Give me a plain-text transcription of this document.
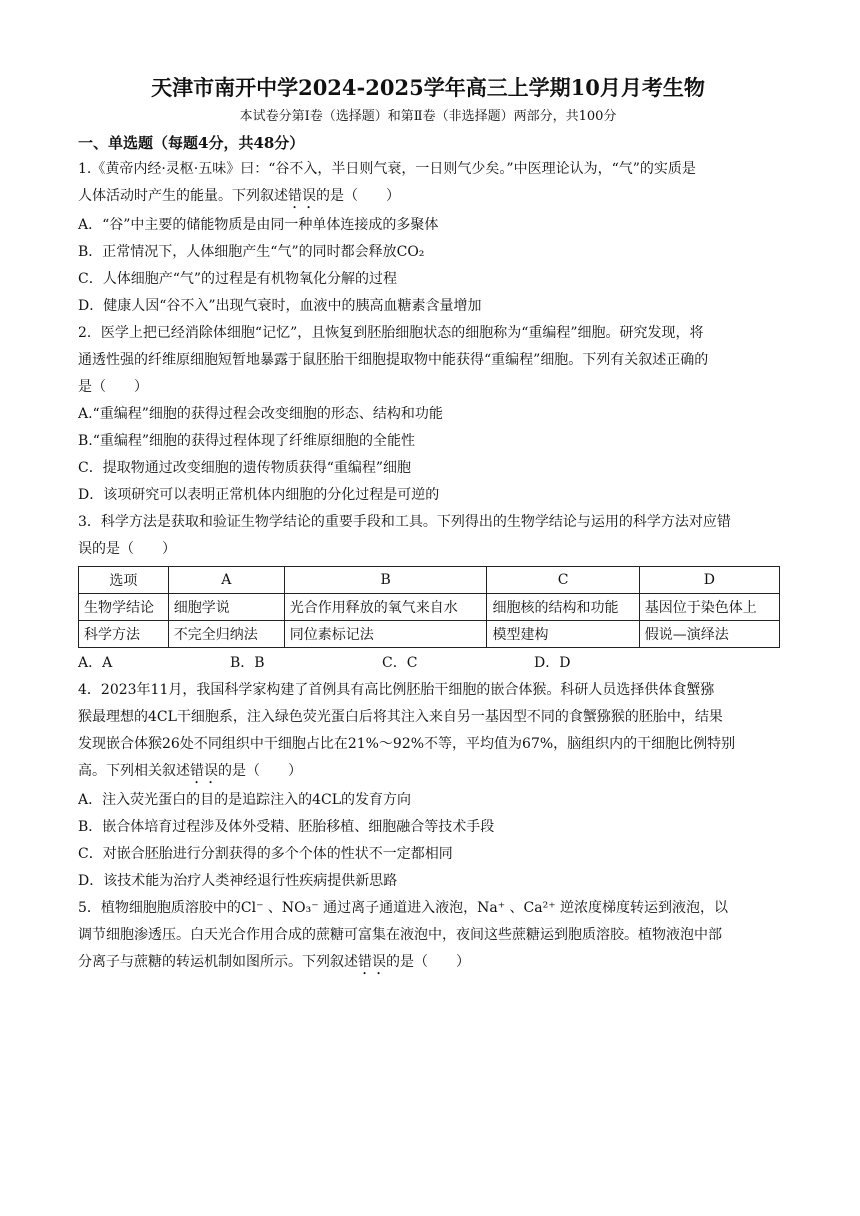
天津市南开中学2024-2025学年高三上学期10月月考生物

本试卷分第Ⅰ卷（选择题）和第Ⅱ卷（非选择题）两部分，共100分

一、单选题（每题4分，共48分）

1.《黄帝内经·灵枢·五味》曰：“谷不入，半日则气衰，一日则气少矣。”中医理论认为，“气”的实质是

人体活动时产生的能量。下列叙述错误的是（　　）

A．“谷”中主要的储能物质是由同一种单体连接成的多聚体

B．正常情况下，人体细胞产生“气”的同时都会释放CO₂

C．人体细胞产“气”的过程是有机物氧化分解的过程

D．健康人因“谷不入”出现气衰时，血液中的胰高血糖素含量增加

2．医学上把已经消除体细胞“记忆”，且恢复到胚胎细胞状态的细胞称为“重编程”细胞。研究发现，将

通透性强的纤维原细胞短暂地暴露于鼠胚胎干细胞提取物中能获得“重编程”细胞。下列有关叙述正确的

是（　　）

A.“重编程”细胞的获得过程会改变细胞的形态、结构和功能

B.“重编程”细胞的获得过程体现了纤维原细胞的全能性

C．提取物通过改变细胞的遗传物质获得“重编程”细胞

D．该项研究可以表明正常机体内细胞的分化过程是可逆的

3．科学方法是获取和验证生物学结论的重要手段和工具。下列得出的生物学结论与运用的科学方法对应错

误的是（　　）

选项	A	B	C	D
生物学结论	细胞学说	光合作用释放的氧气来自水	细胞核的结构和功能	基因位于染色体上
科学方法	不完全归纳法	同位素标记法	模型建构	假说—演绎法
A．A	B．B	C．C	D．D

4．2023年11月，我国科学家构建了首例具有高比例胚胎干细胞的嵌合体猴。科研人员选择供体食蟹猕

猴最理想的4CL干细胞系，注入绿色荧光蛋白后将其注入来自另一基因型不同的食蟹猕猴的胚胎中，结果

发现嵌合体猴26处不同组织中干细胞占比在21%～92%不等，平均值为67%，脑组织内的干细胞比例特别

高。下列相关叙述错误的是（　　）

A．注入荧光蛋白的目的是追踪注入的4CL的发育方向

B．嵌合体培育过程涉及体外受精、胚胎移植、细胞融合等技术手段

C．对嵌合胚胎进行分割获得的多个个体的性状不一定都相同

D．该技术能为治疗人类神经退行性疾病提供新思路

5．植物细胞胞质溶胶中的Cl⁻ 、NO₃⁻ 通过离子通道进入液泡，Na⁺ 、Ca²⁺ 逆浓度梯度转运到液泡，以

调节细胞渗透压。白天光合作用合成的蔗糖可富集在液泡中，夜间这些蔗糖运到胞质溶胶。植物液泡中部

分离子与蔗糖的转运机制如图所示。下列叙述错误的是（　　）
